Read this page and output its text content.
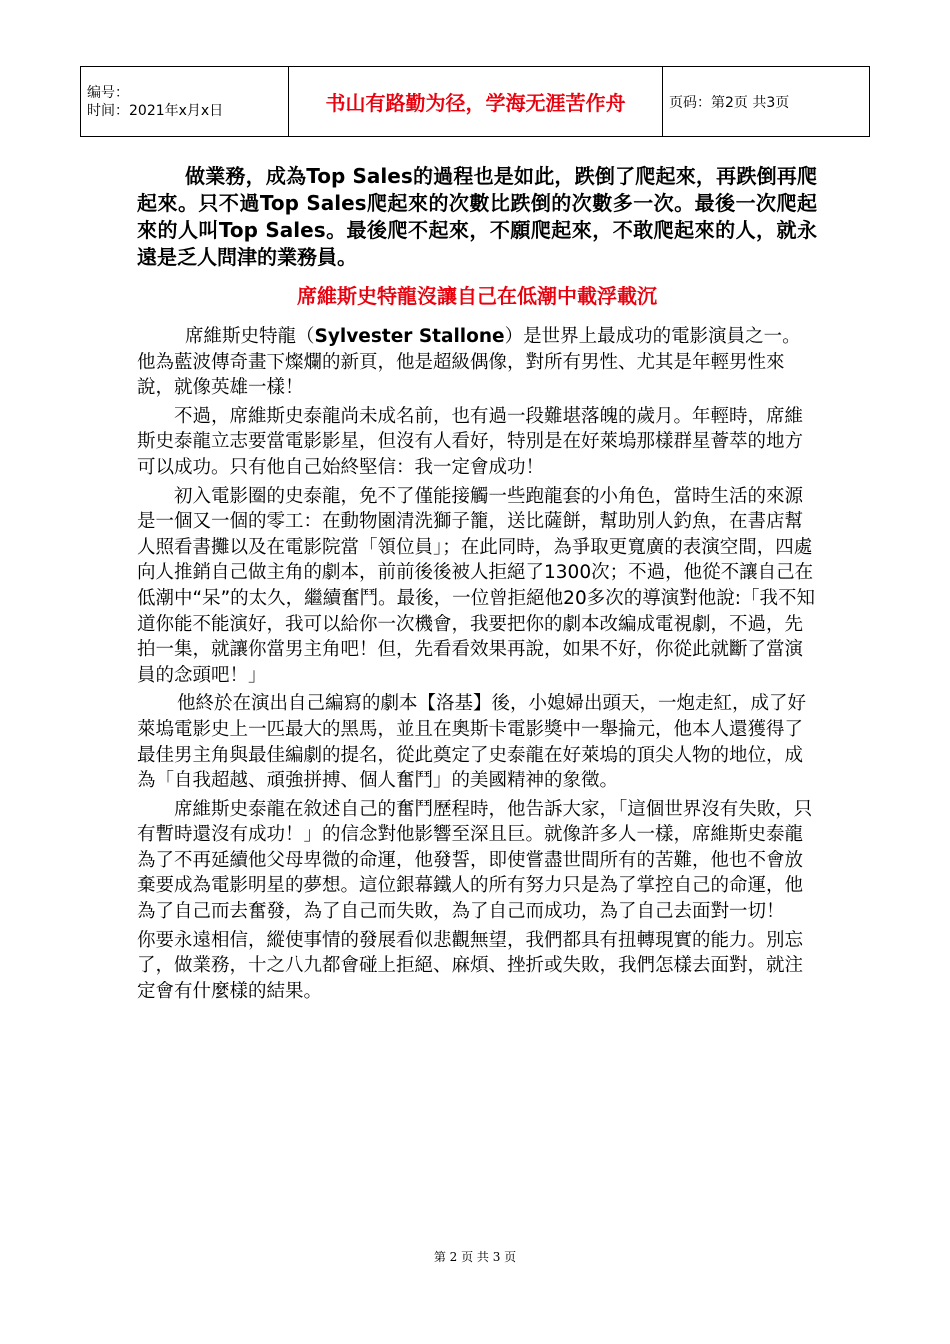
编号：
时间：2021年x月x日	书山有路勤为径，学海无涯苦作舟	页码：第2页 共3页

做業務，成為Top Sales的過程也是如此，跌倒了爬起來，再跌倒再爬起來。只不過Top Sales爬起來的次數比跌倒的次數多一次。最後一次爬起來的人叫Top Sales。最後爬不起來，不願爬起來，不敢爬起來的人，就永遠是乏人問津的業務員。

席維斯史特龍沒讓自己在低潮中載浮載沉

席維斯史特龍（Sylvester Stallone）是世界上最成功的電影演員之一。他為藍波傳奇畫下燦爛的新頁，他是超級偶像，對所有男性、尤其是年輕男性來說，就像英雄一樣！

不過，席維斯史泰龍尚未成名前，也有過一段難堪落魄的歲月。年輕時，席維斯史泰龍立志要當電影影星，但沒有人看好，特別是在好萊塢那樣群星薈萃的地方可以成功。只有他自己始終堅信：我一定會成功！

初入電影圈的史泰龍，免不了僅能接觸一些跑龍套的小角色，當時生活的來源是一個又一個的零工：在動物園清洗獅子籠，送比薩餅，幫助別人釣魚，在書店幫人照看書攤以及在電影院當「領位員」；在此同時，為爭取更寬廣的表演空間，四處向人推銷自己做主角的劇本，前前後後被人拒絕了1300次；不過，他從不讓自己在低潮中“呆”的太久，繼續奮鬥。最後，一位曾拒絕他20多次的導演對他說:「我不知道你能不能演好，我可以給你一次機會，我要把你的劇本改編成電視劇，不過，先拍一集，就讓你當男主角吧！但，先看看效果再說，如果不好，你從此就斷了當演員的念頭吧！」

他終於在演出自己編寫的劇本【洛基】後，小媳婦出頭天，一炮走紅，成了好萊塢電影史上一匹最大的黑馬，並且在奧斯卡電影獎中一舉掄元，他本人還獲得了最佳男主角與最佳編劇的提名，從此奠定了史泰龍在好萊塢的頂尖人物的地位，成為「自我超越、頑強拼搏、個人奮鬥」的美國精神的象徵。

席維斯史泰龍在敘述自己的奮鬥歷程時，他告訴大家，「這個世界沒有失敗，只有暫時還沒有成功！」的信念對他影響至深且巨。就像許多人一樣，席維斯史泰龍為了不再延續他父母卑微的命運，他發誓，即使嘗盡世間所有的苦難，他也不會放棄要成為電影明星的夢想。這位銀幕鐵人的所有努力只是為了掌控自己的命運，他為了自己而去奮發，為了自己而失敗，為了自己而成功，為了自己去面對一切！

你要永遠相信，縱使事情的發展看似悲觀無望，我們都具有扭轉現實的能力。別忘了，做業務，十之八九都會碰上拒絕、麻煩、挫折或失敗，我們怎樣去面對，就注定會有什麼樣的結果。

第 2 页 共 3 页
